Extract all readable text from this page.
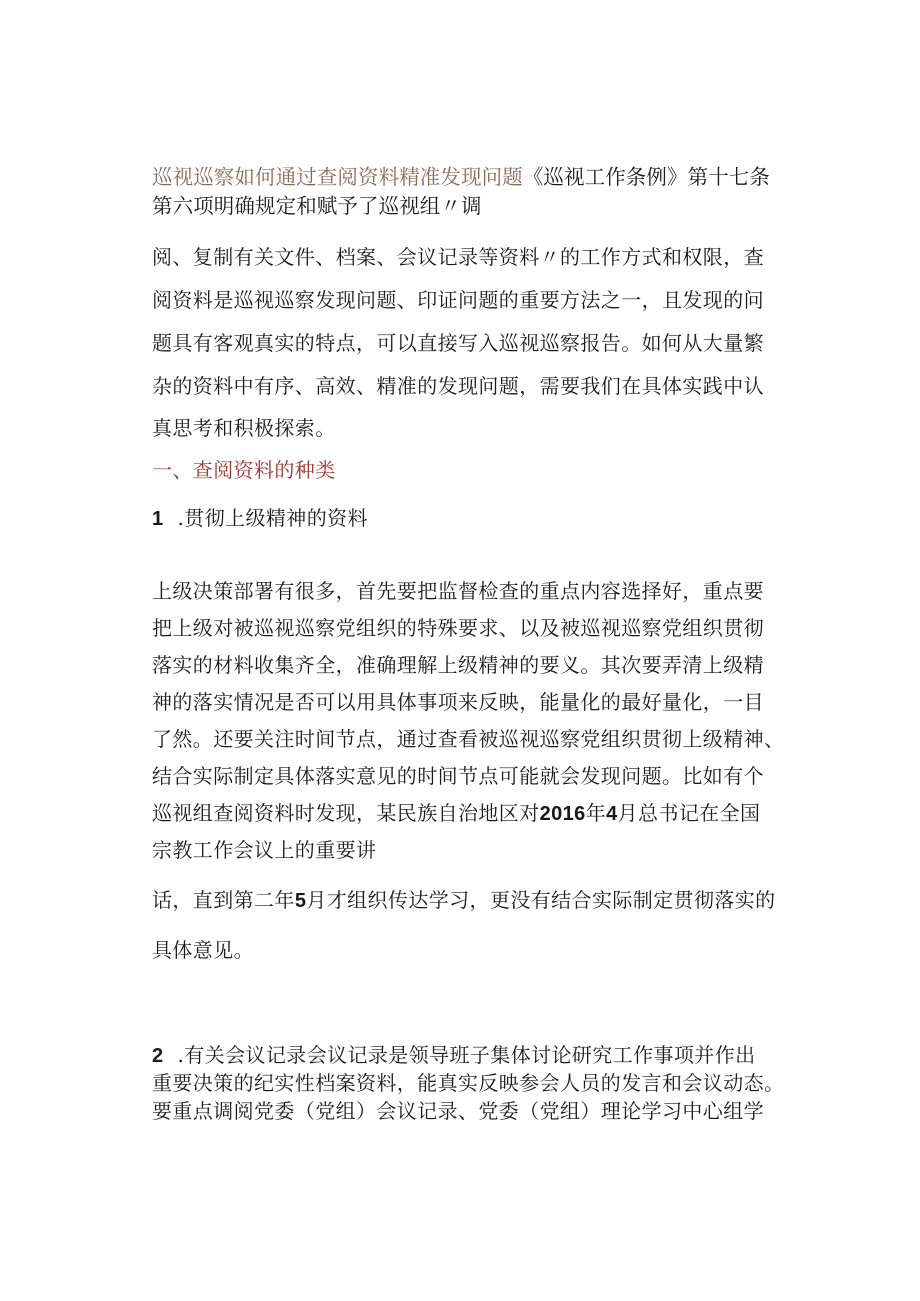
巡视巡察如何通过查阅资料精准发现问题《巡视工作条例》第十七条
第六项明确规定和赋予了巡视组〃调
阅、复制有关文件、档案、会议记录等资料〃的工作方式和权限，查
阅资料是巡视巡察发现问题、印证问题的重要方法之一，且发现的问
题具有客观真实的特点，可以直接写入巡视巡察报告。如何从大量繁
杂的资料中有序、高效、精准的发现问题，需要我们在具体实践中认
真思考和积极探索。
一、查阅资料的种类
1 .贯彻上级精神的资料
上级决策部署有很多，首先要把监督检查的重点内容选择好，重点要
把上级对被巡视巡察党组织的特殊要求、以及被巡视巡察党组织贯彻
落实的材料收集齐全，准确理解上级精神的要义。其次要弄清上级精
神的落实情况是否可以用具体事项来反映，能量化的最好量化，一目
了然。还要关注时间节点，通过查看被巡视巡察党组织贯彻上级精神、
结合实际制定具体落实意见的时间节点可能就会发现问题。比如有个
巡视组查阅资料时发现，某民族自治地区对2016年4月总书记在全国
宗教工作会议上的重要讲
话，直到第二年5月才组织传达学习，更没有结合实际制定贯彻落实的
具体意见。
2 .有关会议记录会议记录是领导班子集体讨论研究工作事项并作出
重要决策的纪实性档案资料，能真实反映参会人员的发言和会议动态。
要重点调阅党委（党组）会议记录、党委（党组）理论学习中心组学
